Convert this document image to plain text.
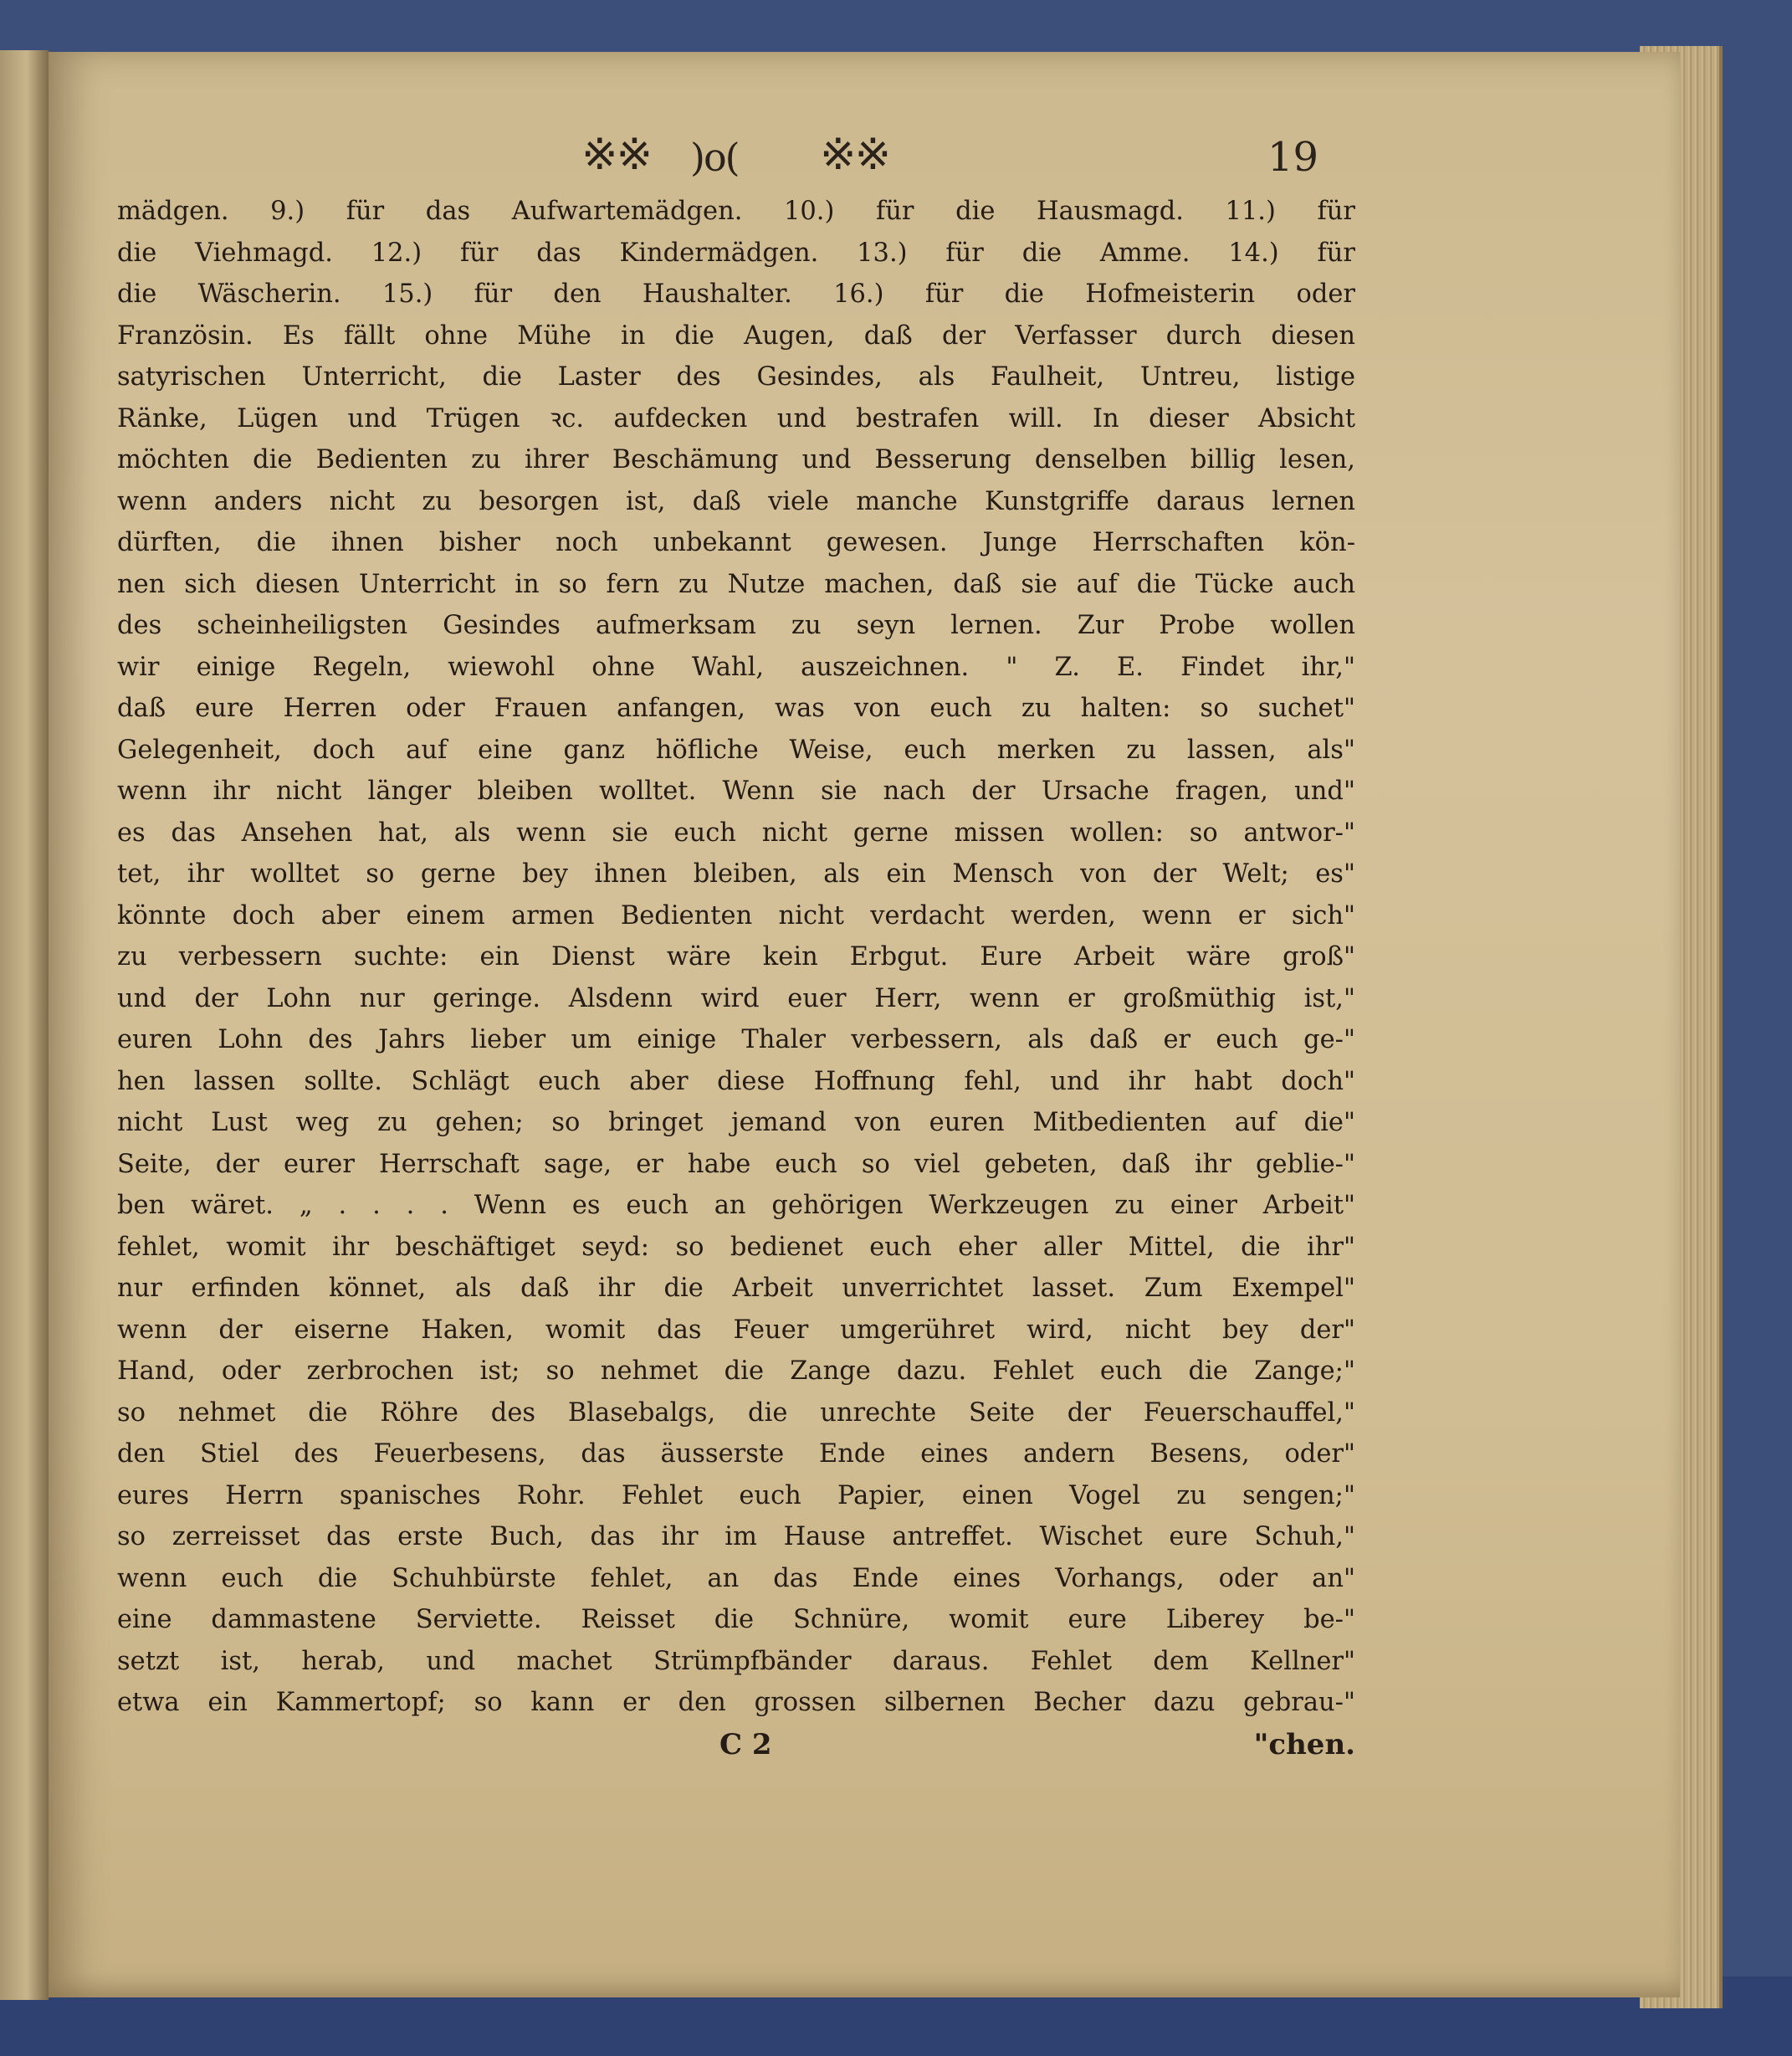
※※ )o( ※※	19
mädgen. 9.) für das Aufwartemädgen. 10.) für die Hausmagd. 11.) für
die Viehmagd. 12.) für das Kindermädgen. 13.) für die Amme. 14.) für
die Wäscherin. 15.) für den Haushalter. 16.) für die Hofmeisterin oder
Französin. Es fällt ohne Mühe in die Augen, daß der Verfasser durch diesen
satyrischen Unterricht, die Laster des Gesindes, als Faulheit, Untreu, listige
Ränke, Lügen und Trügen ꝛc. aufdecken und bestrafen will. In dieser Absicht
möchten die Bedienten zu ihrer Beschämung und Besserung denselben billig lesen,
wenn anders nicht zu besorgen ist, daß viele manche Kunstgriffe daraus lernen
dürften, die ihnen bisher noch unbekannt gewesen. Junge Herrschaften kön-
nen sich diesen Unterricht in so fern zu Nutze machen, daß sie auf die Tücke auch
des scheinheiligsten Gesindes aufmerksam zu seyn lernen. Zur Probe wollen
wir einige Regeln, wiewohl ohne Wahl, auszeichnen. " Z. E. Findet ihr,"
daß eure Herren oder Frauen anfangen, was von euch zu halten: so suchet"
Gelegenheit, doch auf eine ganz höfliche Weise, euch merken zu lassen, als"
wenn ihr nicht länger bleiben wolltet. Wenn sie nach der Ursache fragen, und"
es das Ansehen hat, als wenn sie euch nicht gerne missen wollen: so antwor-"
tet, ihr wolltet so gerne bey ihnen bleiben, als ein Mensch von der Welt; es"
könnte doch aber einem armen Bedienten nicht verdacht werden, wenn er sich"
zu verbessern suchte: ein Dienst wäre kein Erbgut. Eure Arbeit wäre groß"
und der Lohn nur geringe. Alsdenn wird euer Herr, wenn er großmüthig ist,"
euren Lohn des Jahrs lieber um einige Thaler verbessern, als daß er euch ge-"
hen lassen sollte. Schlägt euch aber diese Hoffnung fehl, und ihr habt doch"
nicht Lust weg zu gehen; so bringet jemand von euren Mitbedienten auf die"
Seite, der eurer Herrschaft sage, er habe euch so viel gebeten, daß ihr geblie-"
ben wäret. „ . . . . Wenn es euch an gehörigen Werkzeugen zu einer Arbeit"
fehlet, womit ihr beschäftiget seyd: so bedienet euch eher aller Mittel, die ihr"
nur erfinden könnet, als daß ihr die Arbeit unverrichtet lasset. Zum Exempel"
wenn der eiserne Haken, womit das Feuer umgerühret wird, nicht bey der"
Hand, oder zerbrochen ist; so nehmet die Zange dazu. Fehlet euch die Zange;"
so nehmet die Röhre des Blasebalgs, die unrechte Seite der Feuerschauffel,"
den Stiel des Feuerbesens, das äusserste Ende eines andern Besens, oder"
eures Herrn spanisches Rohr. Fehlet euch Papier, einen Vogel zu sengen;"
so zerreisset das erste Buch, das ihr im Hause antreffet. Wischet eure Schuh,"
wenn euch die Schuhbürste fehlet, an das Ende eines Vorhangs, oder an"
eine dammastene Serviette. Reisset die Schnüre, womit eure Liberey be-"
setzt ist, herab, und machet Strümpfbänder daraus. Fehlet dem Kellner"
etwa ein Kammertopf; so kann er den grossen silbernen Becher dazu gebrau-"
C 2	"chen.
